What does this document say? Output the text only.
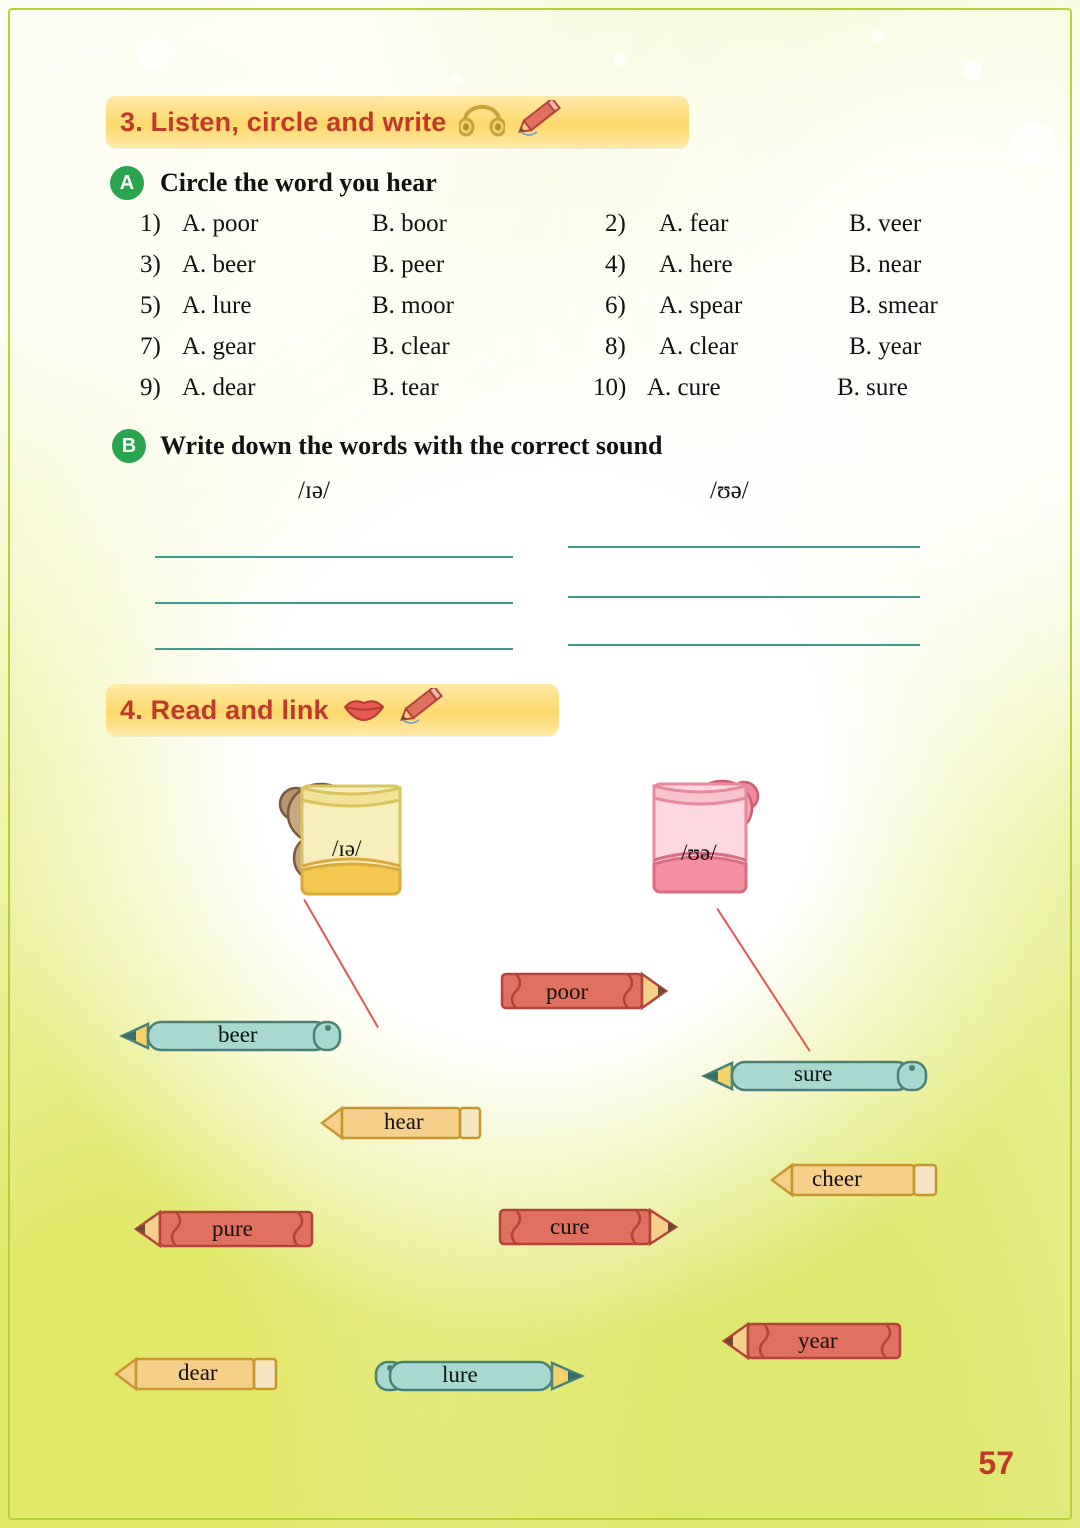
3. Listen, circle and write
A Circle the word you hear
1) A. poor	B. boor	2)	A. fear	B. veer
3) A. beer	B. peer	4)	A. here	B. near
5) A. lure	B. moor	6)	A. spear	B. smear
7) A. gear	B. clear	8)	A. clear	B. year
9) A. dear	B. tear	10) A. cure	B. sure
B Write down the words with the correct sound
/ɪə/	/ʊə/
4. Read and link
/ɪə/	/ʊə/
beer
poor
sure
hear
cheer
pure	cure
dear	lure
year
57
